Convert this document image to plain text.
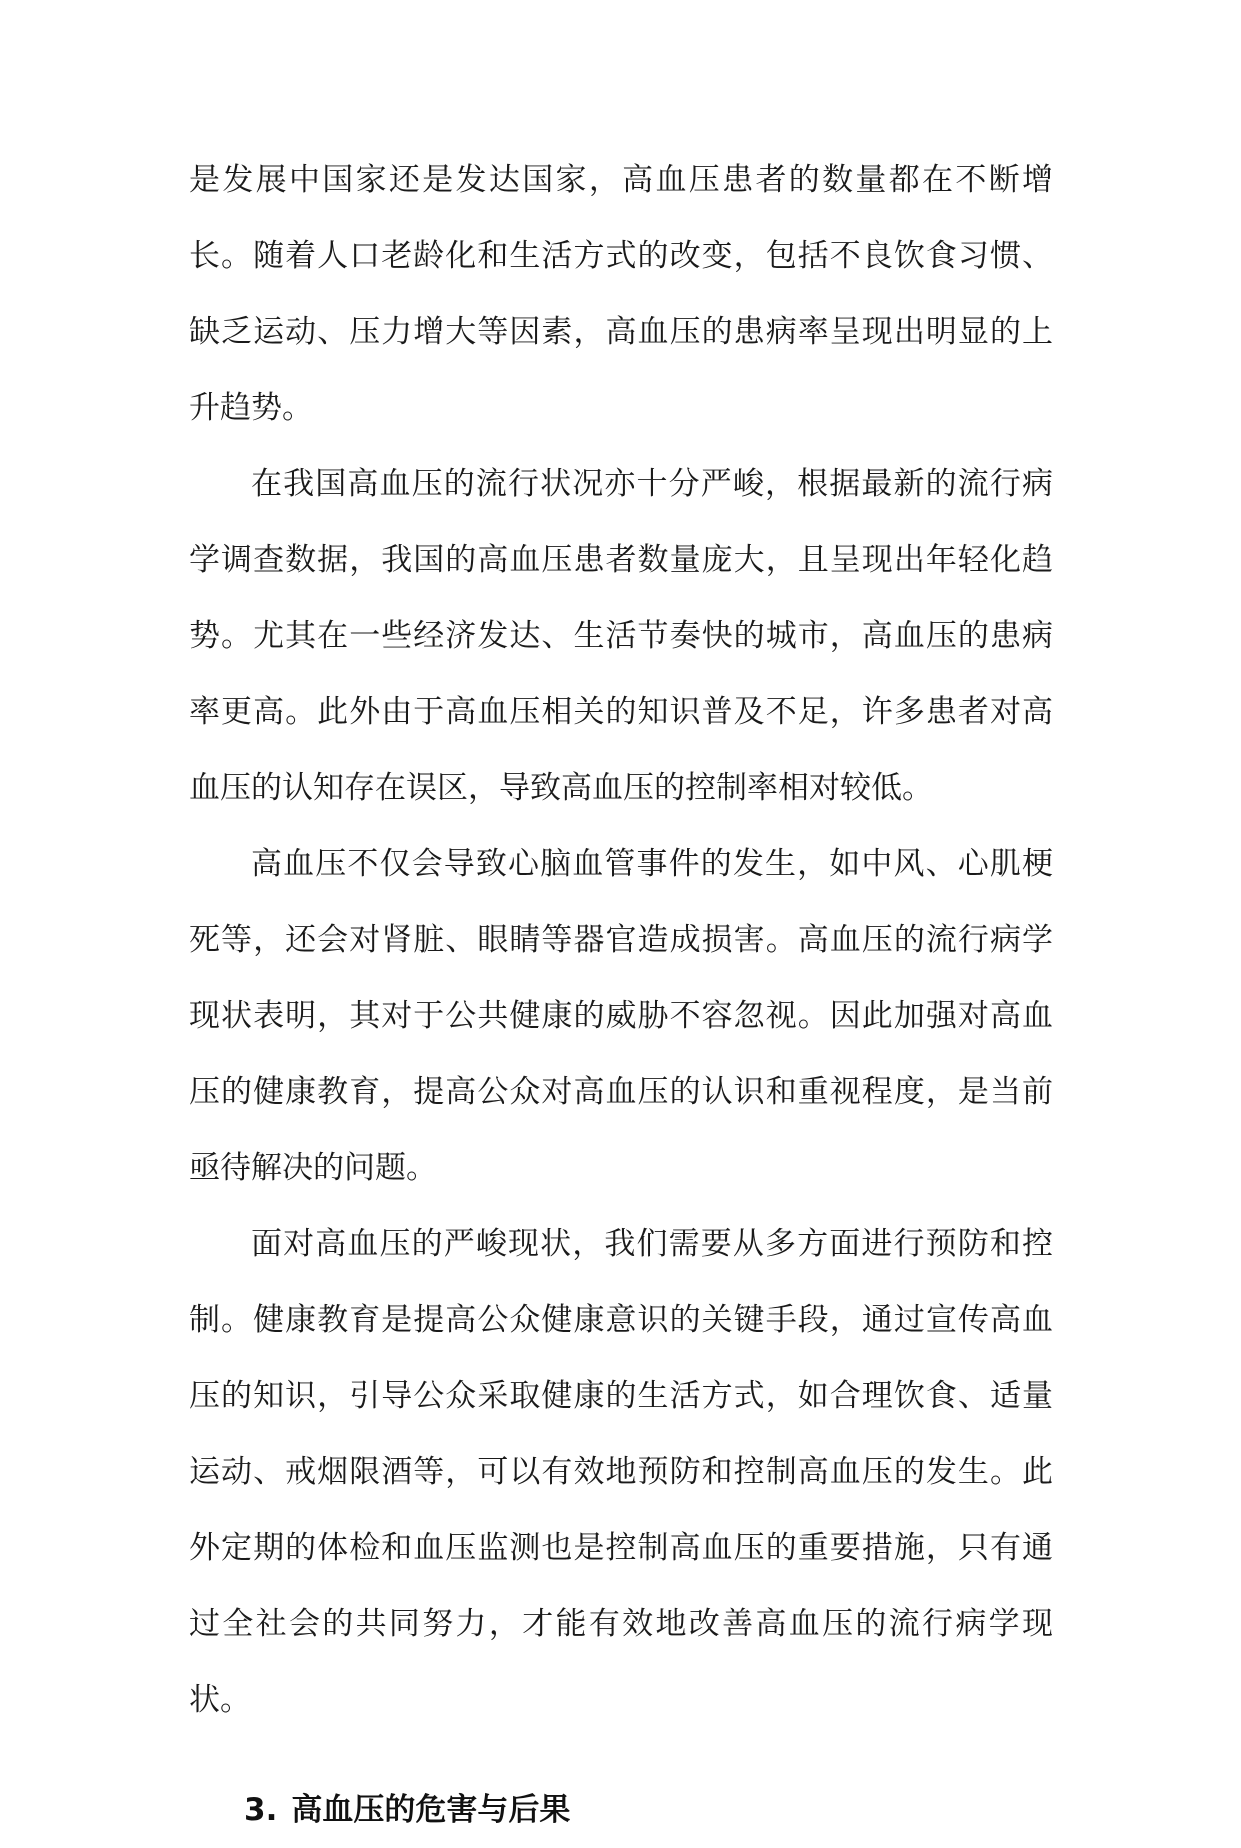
是发展中国家还是发达国家，高血压患者的数量都在不断增长。随着人口老龄化和生活方式的改变，包括不良饮食习惯、缺乏运动、压力增大等因素，高血压的患病率呈现出明显的上升趋势。

在我国高血压的流行状况亦十分严峻，根据最新的流行病学调查数据，我国的高血压患者数量庞大，且呈现出年轻化趋势。尤其在一些经济发达、生活节奏快的城市，高血压的患病率更高。此外由于高血压相关的知识普及不足，许多患者对高血压的认知存在误区，导致高血压的控制率相对较低。

高血压不仅会导致心脑血管事件的发生，如中风、心肌梗死等，还会对肾脏、眼睛等器官造成损害。高血压的流行病学现状表明，其对于公共健康的威胁不容忽视。因此加强对高血压的健康教育，提高公众对高血压的认识和重视程度，是当前亟待解决的问题。

面对高血压的严峻现状，我们需要从多方面进行预防和控制。健康教育是提高公众健康意识的关键手段，通过宣传高血压的知识，引导公众采取健康的生活方式，如合理饮食、适量运动、戒烟限酒等，可以有效地预防和控制高血压的发生。此外定期的体检和血压监测也是控制高血压的重要措施，只有通过全社会的共同努力，才能有效地改善高血压的流行病学现状。

3. 高血压的危害与后果
